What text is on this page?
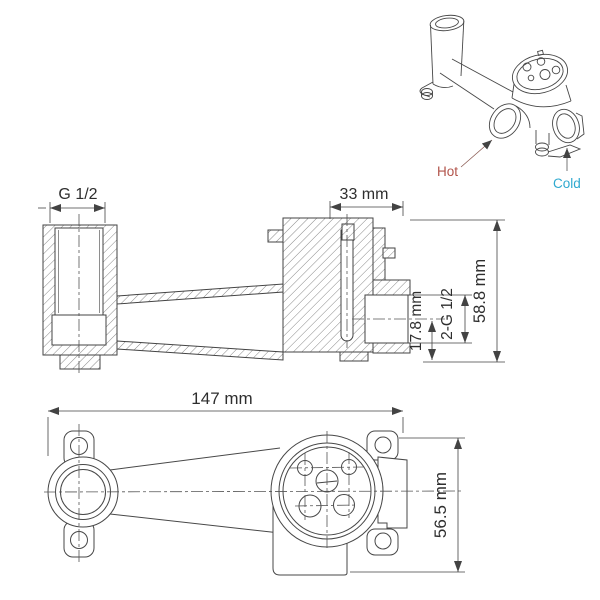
Hot
Cold
G 1/2	33 mm
17.8 mm 2-G 1/2 58.8 mm
147 mm
56.5 mm
